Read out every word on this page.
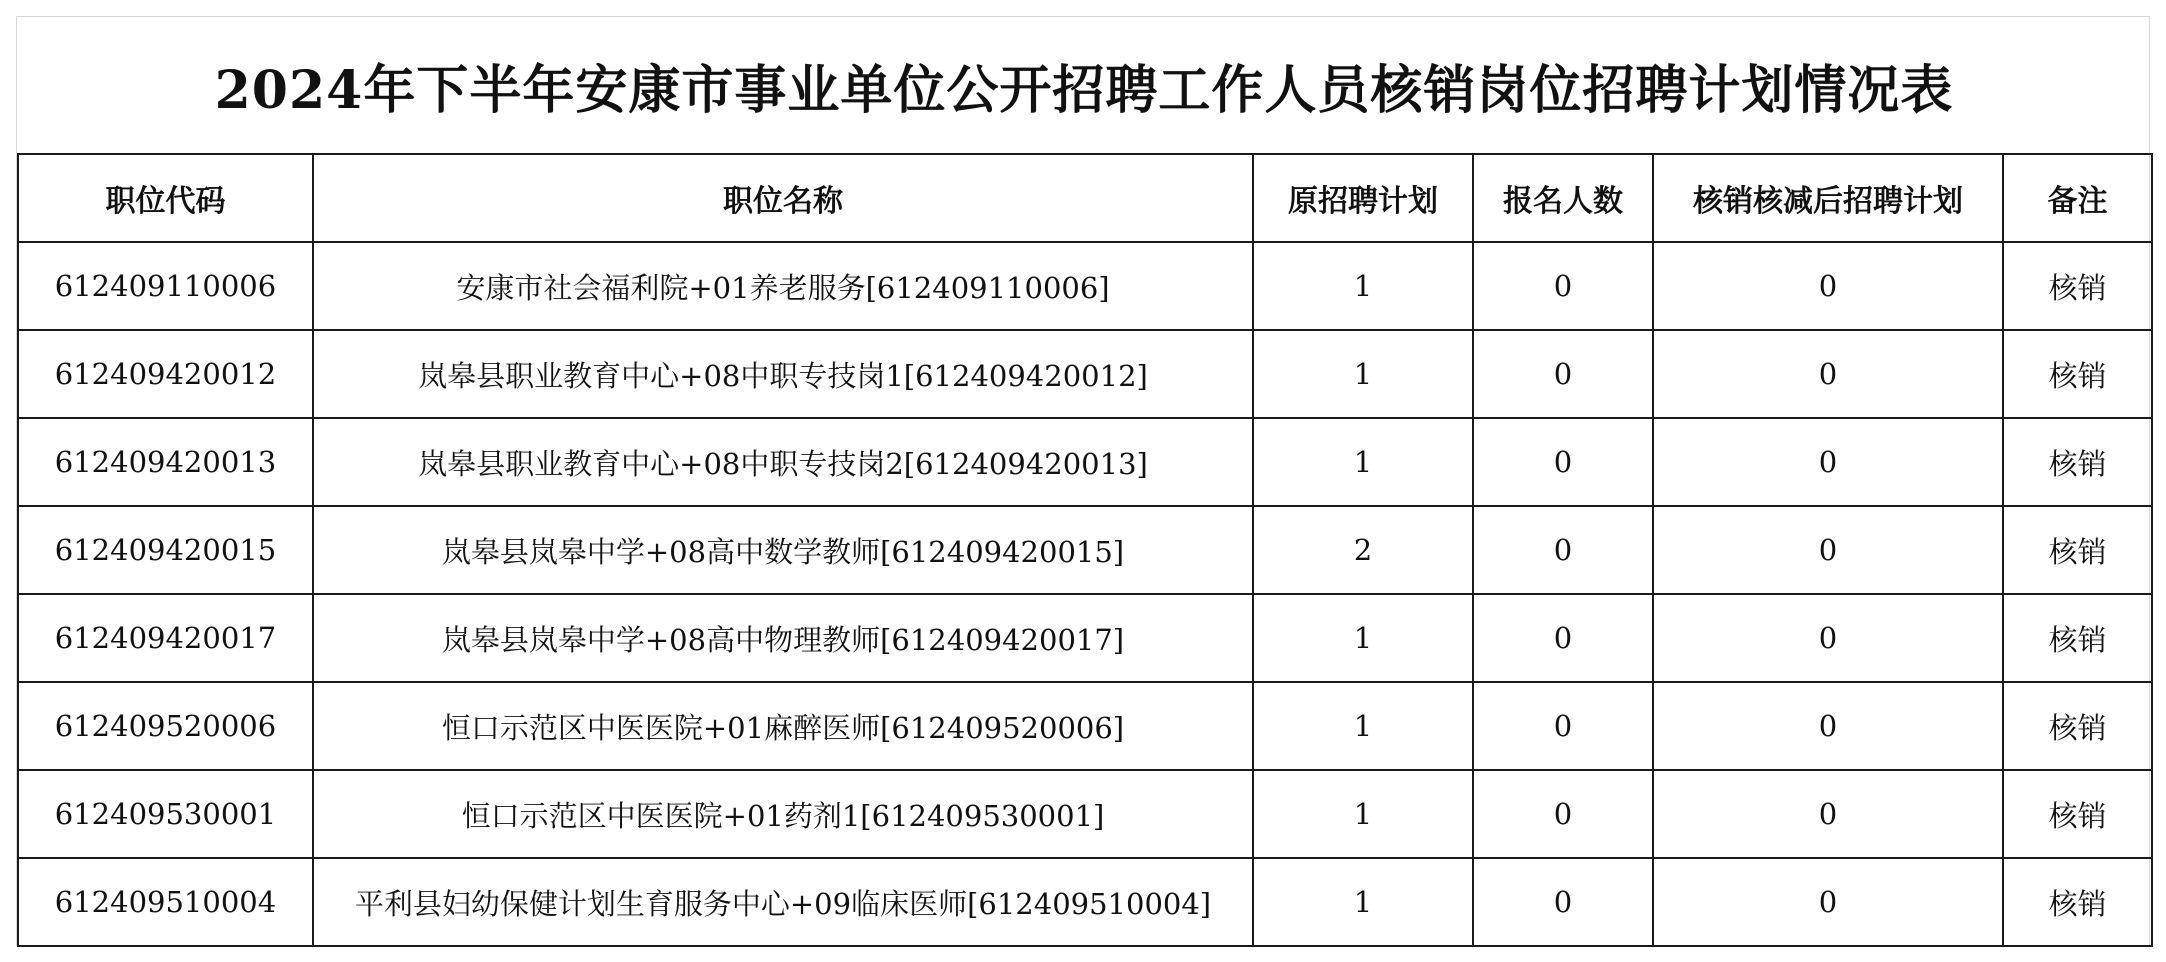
2024年下半年安康市事业单位公开招聘工作人员核销岗位招聘计划情况表
职位代码	职位名称	原招聘计划	报名人数	核销核减后招聘计划	备注
612409110006	安康市社会福利院+01养老服务[612409110006]	1	0	0	核销
612409420012	岚皋县职业教育中心+08中职专技岗1[612409420012]	1	0	0	核销
612409420013	岚皋县职业教育中心+08中职专技岗2[612409420013]	1	0	0	核销
612409420015	岚皋县岚皋中学+08高中数学教师[612409420015]	2	0	0	核销
612409420017	岚皋县岚皋中学+08高中物理教师[612409420017]	1	0	0	核销
612409520006	恒口示范区中医医院+01麻醉医师[612409520006]	1	0	0	核销
612409530001	恒口示范区中医医院+01药剂1[612409530001]	1	0	0	核销
612409510004	平利县妇幼保健计划生育服务中心+09临床医师[612409510004]	1	0	0	核销
